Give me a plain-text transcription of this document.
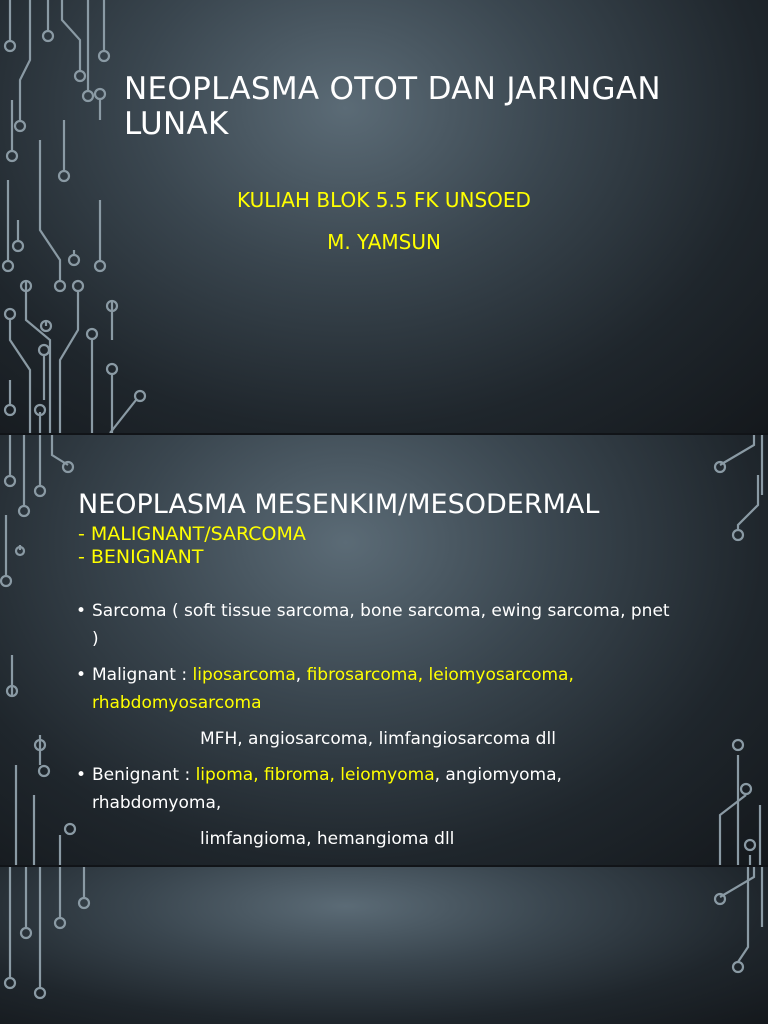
NEOPLASMA OTOT DAN JARINGAN
LUNAK
KULIAH BLOK 5.5 FK UNSOED
M. YAMSUN
NEOPLASMA MESENKIM/MESODERMAL
- MALIGNANT/SARCOMA
- BENIGNANT
• Sarcoma ( soft tissue sarcoma, bone sarcoma, ewing sarcoma, pnet )
• Malignant : liposarcoma, fibrosarcoma, leiomyosarcoma, rhabdomyosarcoma
MFH, angiosarcoma, limfangiosarcoma dll
• Benignant : lipoma, fibroma, leiomyoma, angiomyoma, rhabdomyoma,
limfangioma, hemangioma dll
